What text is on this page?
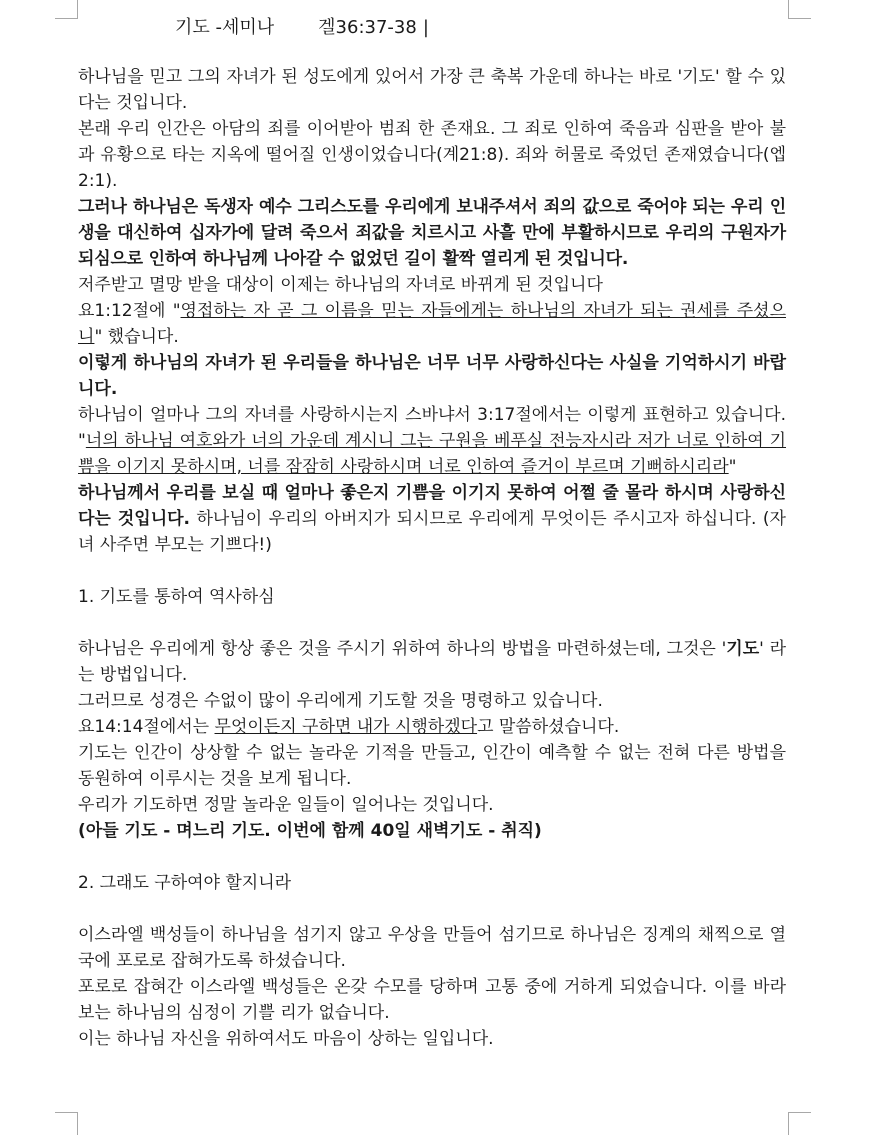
기도 -세미나 겔36:37-38 |

하나님을 믿고 그의 자녀가 된 성도에게 있어서 가장 큰 축복 가운데 하나는 바로 '기도' 할 수 있다는 것입니다.

본래 우리 인간은 아담의 죄를 이어받아 범죄 한 존재요. 그 죄로 인하여 죽음과 심판을 받아 불과 유황으로 타는 지옥에 떨어질 인생이었습니다(계21:8). 죄와 허물로 죽었던 존재였습니다(엡2:1).

그러나 하나님은 독생자 예수 그리스도를 우리에게 보내주셔서 죄의 값으로 죽어야 되는 우리 인생을 대신하여 십자가에 달려 죽으서 죄값을 치르시고 사흘 만에 부활하시므로 우리의 구원자가 되심으로 인하여 하나님께 나아갈 수 없었던 길이 활짝 열리게 된 것입니다.

저주받고 멸망 받을 대상이 이제는 하나님의 자녀로 바뀌게 된 것입니다

요1:12절에 "영접하는 자 곧 그 이름을 믿는 자들에게는 하나님의 자녀가 되는 권세를 주셨으니" 했습니다.

이렇게 하나님의 자녀가 된 우리들을 하나님은 너무 너무 사랑하신다는 사실을 기억하시기 바랍니다.

하나님이 얼마나 그의 자녀를 사랑하시는지 스바냐서 3:17절에서는 이렇게 표현하고 있습니다. "너의 하나님 여호와가 너의 가운데 계시니 그는 구원을 베푸실 전능자시라 저가 너로 인하여 기쁨을 이기지 못하시며, 너를 잠잠히 사랑하시며 너로 인하여 즐거이 부르며 기뻐하시리라"

하나님께서 우리를 보실 때 얼마나 좋은지 기쁨을 이기지 못하여 어쩔 줄 몰라 하시며 사랑하신다는 것입니다. 하나님이 우리의 아버지가 되시므로 우리에게 무엇이든 주시고자 하십니다. (자녀 사주면 부모는 기쁘다!)

1. 기도를 통하여 역사하심

하나님은 우리에게 항상 좋은 것을 주시기 위하여 하나의 방법을 마련하셨는데, 그것은 '기도' 라는 방법입니다.

그러므로 성경은 수없이 많이 우리에게 기도할 것을 명령하고 있습니다.

요14:14절에서는 무엇이든지 구하면 내가 시행하겠다고 말씀하셨습니다.

기도는 인간이 상상할 수 없는 놀라운 기적을 만들고, 인간이 예측할 수 없는 전혀 다른 방법을 동원하여 이루시는 것을 보게 됩니다.

우리가 기도하면 정말 놀라운 일들이 일어나는 것입니다.

(아들 기도 - 며느리 기도. 이번에 함께 40일 새벽기도 - 취직)

2. 그래도 구하여야 할지니라

이스라엘 백성들이 하나님을 섬기지 않고 우상을 만들어 섬기므로 하나님은 징계의 채찍으로 열국에 포로로 잡혀가도록 하셨습니다.

포로로 잡혀간 이스라엘 백성들은 온갖 수모를 당하며 고통 중에 거하게 되었습니다. 이를 바라보는 하나님의 심정이 기쁠 리가 없습니다.

이는 하나님 자신을 위하여서도 마음이 상하는 일입니다.
